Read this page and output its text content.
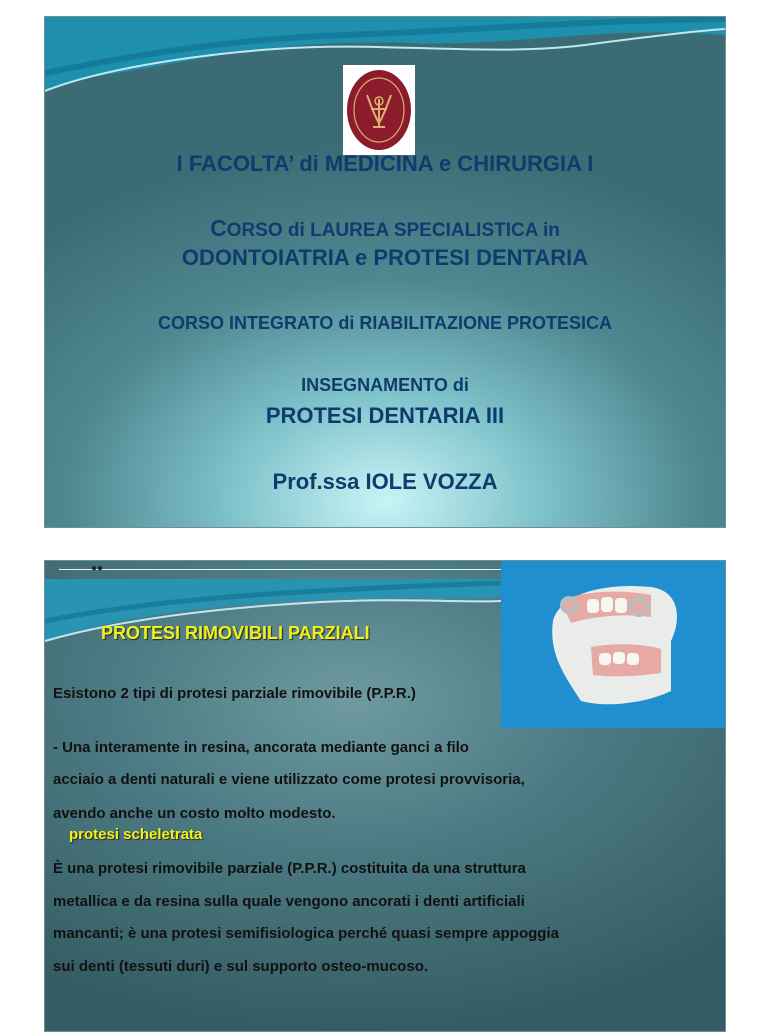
I FACOLTA’ di MEDICINA e CHIRURGIA I
CORSO di LAUREA SPECIALISTICA in
ODONTOIATRIA e PROTESI DENTARIA
CORSO INTEGRATO di RIABILITAZIONE PROTESICA
INSEGNAMENTO di
PROTESI DENTARIA III
Prof.ssa IOLE VOZZA
●●
PROTESI RIMOVIBILI PARZIALI
Esistono 2 tipi di protesi parziale rimovibile (P.P.R.)
- Una interamente in resina, ancorata mediante ganci a filo
acciaio a denti naturali e viene utilizzato come protesi provvisoria,
avendo anche un costo molto modesto.
protesi scheletrata
È una protesi rimovibile parziale (P.P.R.) costituita da una struttura
metallica e da resina sulla quale vengono ancorati i denti artificiali
mancanti; è una protesi semifisiologica perché quasi sempre appoggia
sui denti (tessuti duri) e sul supporto osteo-mucoso.
